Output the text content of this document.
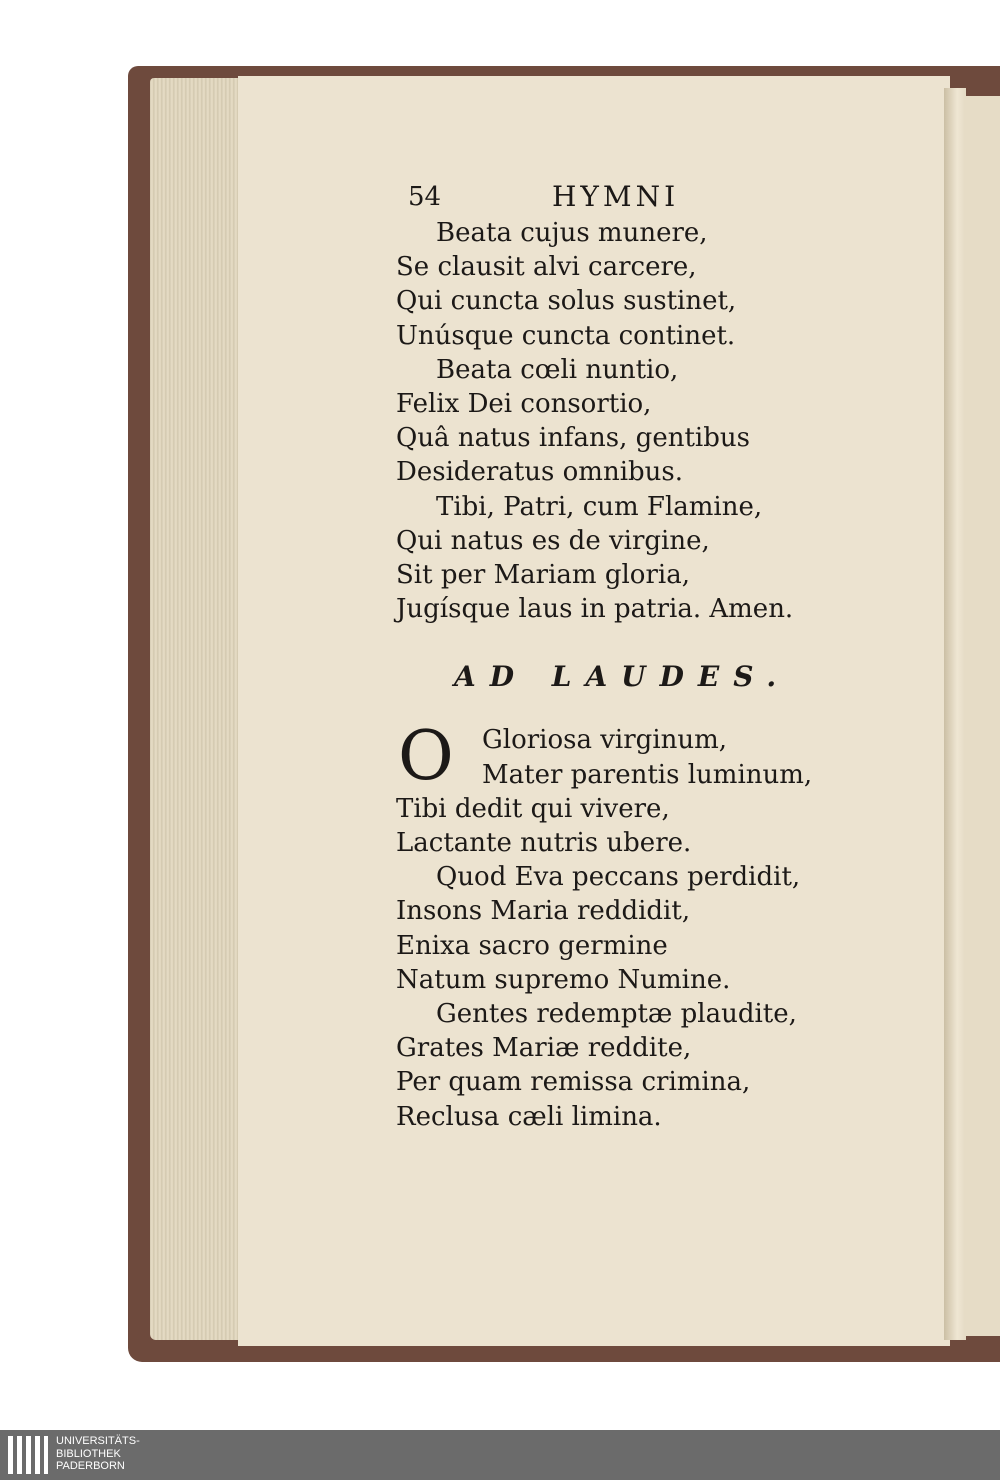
54	HYMNI
Beata cujus munere,
Se clausit alvi carcere,
Qui cuncta solus sustinet,
Unúsque cuncta continet.
Beata cœli nuntio,
Felix Dei consortio,
Quâ natus infans, gentibus
Desideratus omnibus.
Tibi, Patri, cum Flamine,
Qui natus es de virgine,
Sit per Mariam gloria,
Jugísque laus in patria. Amen.
AD LAUDES.
O	Gloriosa virginum,
Mater parentis luminum,
Tibi dedit qui vivere,
Lactante nutris ubere.
Quod Eva peccans perdidit,
Insons Maria reddidit,
Enixa sacro germine
Natum supremo Numine.
Gentes redemptæ plaudite,
Grates Mariæ reddite,
Per quam remissa crimina,
Reclusa cæli limina.
UNIVERSITÄTS-
BIBLIOTHEK
PADERBORN
